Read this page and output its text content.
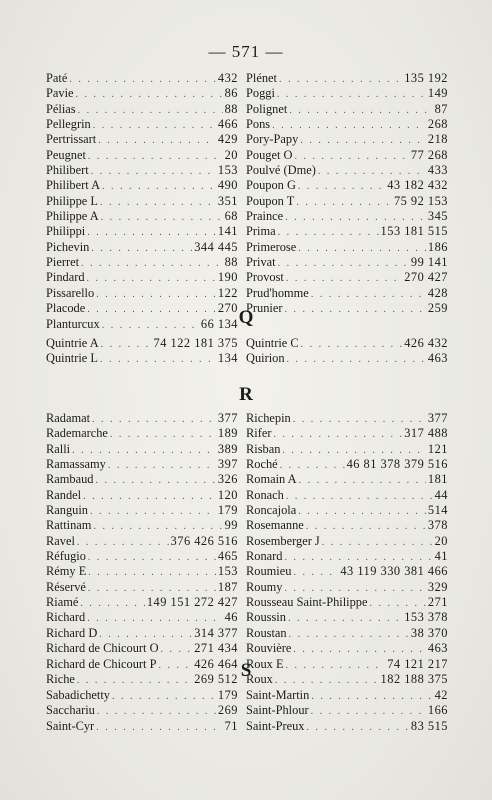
— 571 —
Paté . . .	432
Pavie . . .	86
Pélias . . .	88
Pellegrin . . .	466
Pertrissart . . .	429
Peugnet . . .	20
Philibert . . .	153
Philibert A . . .	490
Philippe L . . .	351
Philippe A . . .	68
Philippi . . .	141
Pichevin . . .	344 445
Pierret . . .	88
Pindard . . .	190
Pissarello . . .	122
Placode . . .	270
Planturcux . . .	66 134
Plénet . . .	135 192
Poggi . . .	149
Polignet . . .	87
Pons . . .	268
Pory-Papy . . .	218
Pouget O . . .	77 268
Poulvé (Dme) . . .	433
Poupon G . . .	43 182 432
Poupon T . . .	75 92 153
Praince . . .	345
Prima . . .	153 181 515
Primerose . . .	186
Privat . . .	99 141
Provost . . .	270 427
Prud'homme . . .	428
Prunier . . .	259
Q
Quintrie A . . .	74 122 181 375
Quintrie L . . .	134
Quintrie C . . .	426 432
Quirion . . .	463
R
Radamat . . .	377
Rademarche . . .	189
Ralli . . .	389
Ramassamy . . .	397
Rambaud . . .	326
Randel . . .	120
Ranguin . . .	179
Rattinam . . .	99
Ravel . . .	376 426 516
Réfugio . . .	465
Rémy E . . .	153
Réservé . . .	187
Riamé . . .	149 151 272 427
Richard . . .	46
Richard D . . .	314 377
Richard de Chicourt O . . .	271 434
Richard de Chicourt P . . .	426 464
Riche . . .	269 512
Richepin . . .	377
Rifer . . .	317 488
Risban . . .	121
Roché . . .	46 81 378 379 516
Romain A . . .	181
Ronach . . .	44
Roncajola . . .	514
Rosemanne . . .	378
Rosemberger J . . .	20
Ronard . . .	41
Roumieu . . .	43 119 330 381 466
Roumy . . .	329
Rousseau Saint-Philippe . . .	271
Roussin . . .	153 378
Roustan . . .	38 370
Rouvière . . .	463
Roux E . . .	74 121 217
Roux . . .	182 188 375
S
Sabadichetty . . .	179
Sacchariu . . .	269
Saint-Cyr . . .	71
Saint-Martin . . .	42
Saint-Phlour . . .	166
Saint-Preux . . .	83 515
